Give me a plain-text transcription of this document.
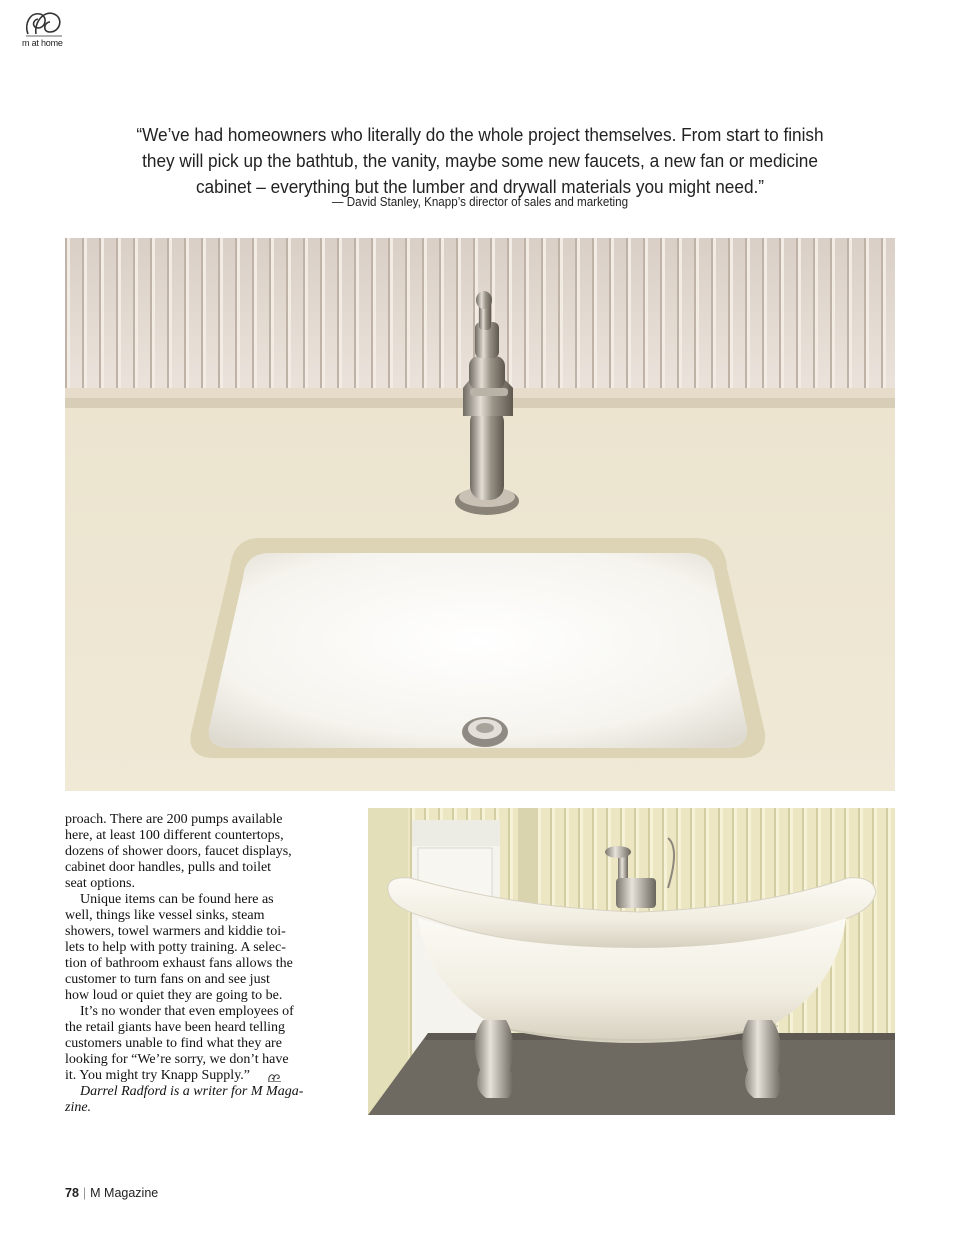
m at home
“We’ve had homeowners who literally do the whole project themselves. From start to finish
they will pick up the bathtub, the vanity, maybe some new faucets, a new fan or medicine
cabinet – everything but the lumber and drywall materials you might need.”
— David Stanley, Knapp’s director of sales and marketing

proach. There are 200 pumps available
here, at least 100 different countertops,
dozens of shower doors, faucet displays,
cabinet door handles, pulls and toilet
seat options.

Unique items can be found here as
well, things like vessel sinks, steam
showers, towel warmers and kiddie toi-
lets to help with potty training. A selec-
tion of bathroom exhaust fans allows the
customer to turn fans on and see just
how loud or quiet they are going to be.

It’s no wonder that even employees of
the retail giants have been heard telling
customers unable to find what they are
looking for “We’re sorry, we don’t have
it. You might try Knapp Supply.”

Darrel Radford is a writer for M Maga-
zine.

78 | M Magazine
